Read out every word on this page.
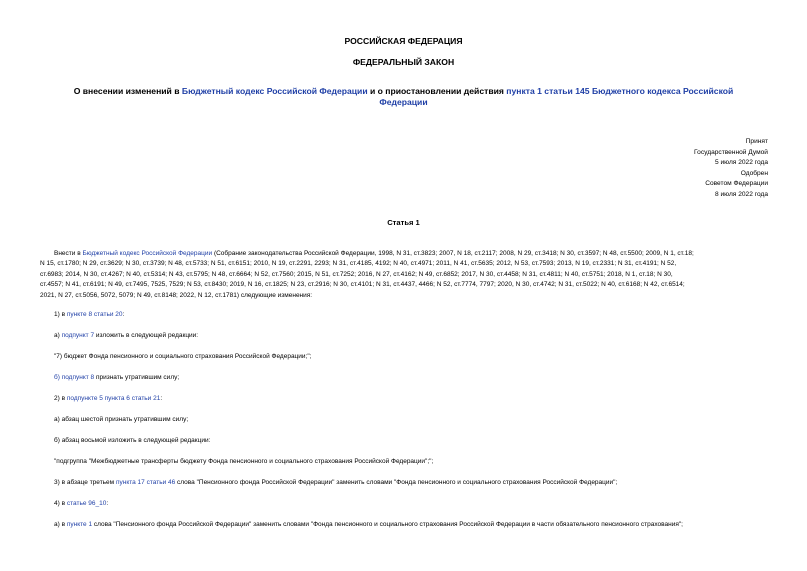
РОССИЙСКАЯ ФЕДЕРАЦИЯ
ФЕДЕРАЛЬНЫЙ ЗАКОН
О внесении изменений в Бюджетный кодекс Российской Федерации и о приостановлении действия пункта 1 статьи 145 Бюджетного кодекса Российской
Федерации
Принят
Государственной Думой
5 июля 2022 года
Одобрен
Советом Федерации
8 июля 2022 года
Статья 1
Внести в Бюджетный кодекс Российской Федерации (Собрание законодательства Российской Федерации, 1998, N 31, ст.3823; 2007, N 18, ст.2117; 2008, N 29, ст.3418; N 30, ст.3597; N 48, ст.5500; 2009, N 1, ст.18;
N 15, ст.1780; N 29, ст.3629; N 30, ст.3739; N 48, ст.5733; N 51, ст.6151; 2010, N 19, ст.2291, 2293; N 31, ст.4185, 4192; N 40, ст.4971; 2011, N 41, ст.5635; 2012, N 53, ст.7593; 2013, N 19, ст.2331; N 31, ст.4191; N 52,
ст.6983; 2014, N 30, ст.4267; N 40, ст.5314; N 43, ст.5795; N 48, ст.6664; N 52, ст.7560; 2015, N 51, ст.7252; 2016, N 27, ст.4162; N 49, ст.6852; 2017, N 30, ст.4458; N 31, ст.4811; N 40, ст.5751; 2018, N 1, ст.18; N 30,
ст.4557; N 41, ст.6191; N 49, ст.7495, 7525, 7529; N 53, ст.8430; 2019, N 16, ст.1825; N 23, ст.2916; N 30, ст.4101; N 31, ст.4437, 4466; N 52, ст.7774, 7797; 2020, N 30, ст.4742; N 31, ст.5022; N 40, ст.6168; N 42, ст.6514;
2021, N 27, ст.5056, 5072, 5079; N 49, ст.8148; 2022, N 12, ст.1781) следующие изменения:
1) в пункте 8 статьи 20:
а) подпункт 7 изложить в следующей редакции:
"7) бюджет Фонда пенсионного и социального страхования Российской Федерации;";
б) подпункт 8 признать утратившим силу;
2) в подпункте 5 пункта 6 статьи 21:
а) абзац шестой признать утратившим силу;
б) абзац восьмой изложить в следующей редакции:
"подгруппа "Межбюджетные трансферты бюджету Фонда пенсионного и социального страхования Российской Федерации";";
3) в абзаце третьем пункта 17 статьи 46 слова "Пенсионного фонда Российской Федерации" заменить словами "Фонда пенсионного и социального страхования Российской Федерации";
4) в статье 96_10:
а) в пункте 1 слова "Пенсионного фонда Российской Федерации" заменить словами "Фонда пенсионного и социального страхования Российской Федерации в части обязательного пенсионного страхования";
